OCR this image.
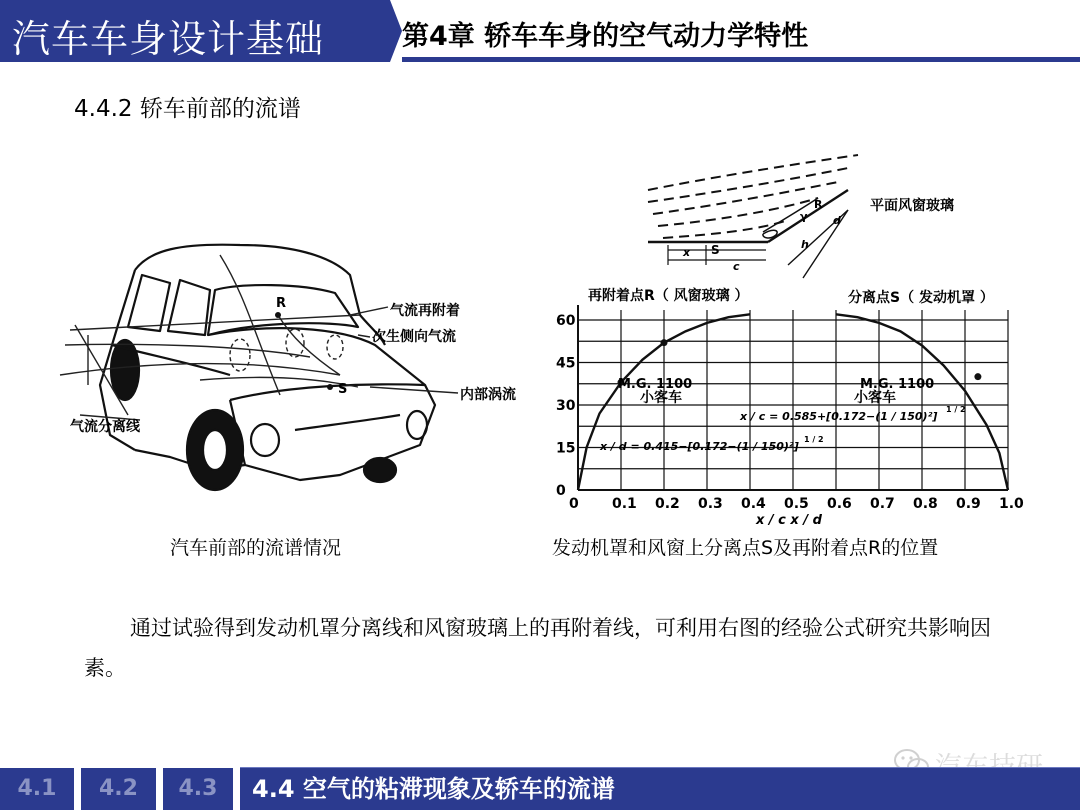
汽车车身设计基础	第4章 轿车车身的空气动力学特性
4.4.2 轿车前部的流谱
R
S
气流再附着
次生侧向气流
内部涡流
气流分离线
x S
c
R
γ d
h
平面风窗玻璃
再附着点R（ 风窗玻璃 ）	分离点S（ 发动机罩 ）
0 0.1 0.2 0.3 0.4 0.5 0.6 0.7 0.8 0.9 1.0
0
15
30
45
60
M.G. 1100
小客车
M.G. 1100
小客车
x / c = 0.585+[0.172−(1 / 150)²]
1 / 2
x / d = 0.415−[0.172−(1 / 150)²]
1 / 2
x / c x / d
汽车前部的流谱情况	发动机罩和风窗上分离点S及再附着点R的位置
通过试验得到发动机罩分离线和风窗玻璃上的再附着线，可利用右图的经验公式研究共影响因素。
4.1	4.2	4.3	4.4 空气的粘滞现象及轿车的流谱
